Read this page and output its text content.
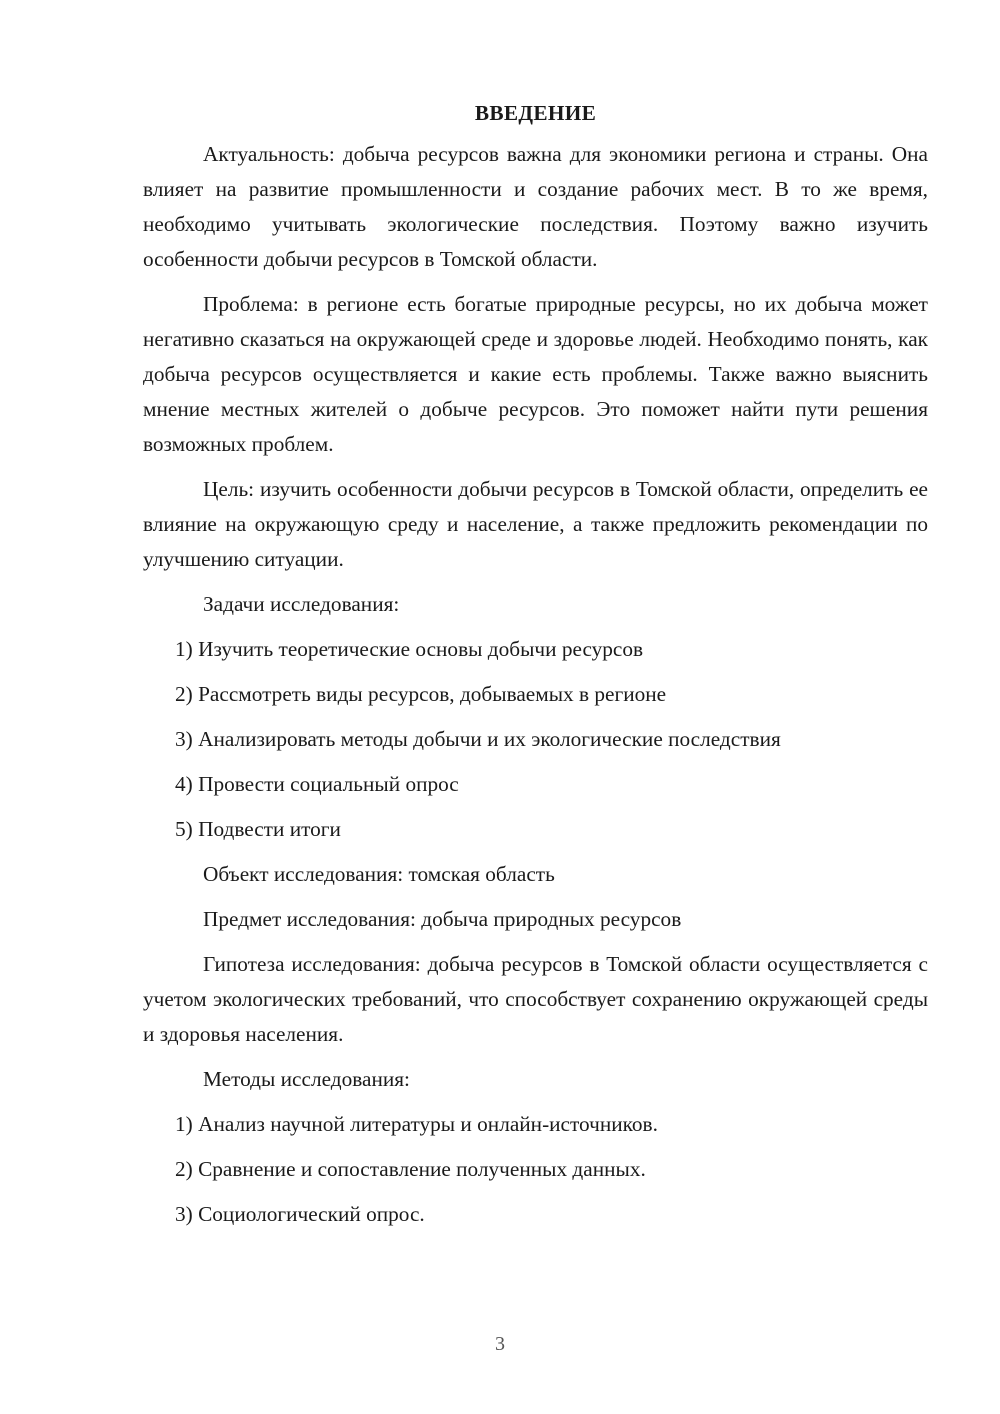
ВВЕДЕНИЕ

Актуальность: добыча ресурсов важна для экономики региона и страны. Она влияет на развитие промышленности и создание рабочих мест. В то же время, необходимо учитывать экологические последствия. Поэтому важно изучить особенности добычи ресурсов в Томской области.

Проблема: в регионе есть богатые природные ресурсы, но их добыча может негативно сказаться на окружающей среде и здоровье людей. Необходимо понять, как добыча ресурсов осуществляется и какие есть проблемы. Также важно выяснить мнение местных жителей о добыче ресурсов. Это поможет найти пути решения возможных проблем.

Цель: изучить особенности добычи ресурсов в Томской области, определить ее влияние на окружающую среду и население, а также предложить рекомендации по улучшению ситуации.

Задачи исследования:
1) Изучить теоретические основы добычи ресурсов
2) Рассмотреть виды ресурсов, добываемых в регионе
3) Анализировать методы добычи и их экологические последствия
4) Провести социальный опрос
5) Подвести итоги
Объект исследования: томская область
Предмет исследования: добыча природных ресурсов

Гипотеза исследования: добыча ресурсов в Томской области осуществляется с учетом экологических требований, что способствует сохранению окружающей среды и здоровья населения.

Методы исследования:
1) Анализ научной литературы и онлайн-источников.
2) Сравнение и сопоставление полученных данных.
3) Социологический опрос.
3
